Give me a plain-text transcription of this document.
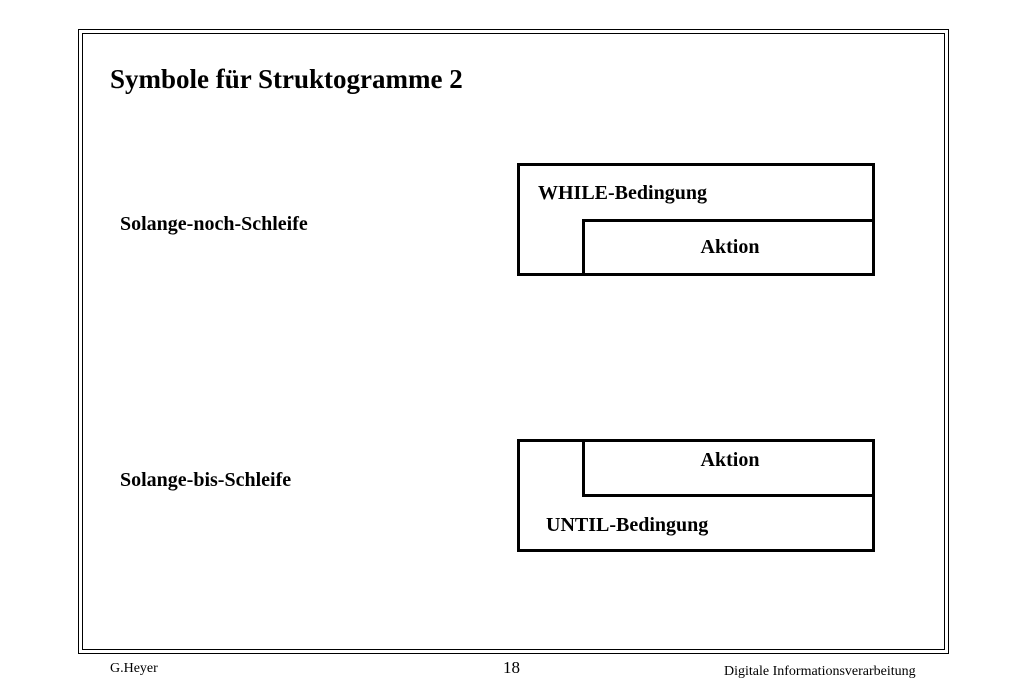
Symbole für Struktogramme 2
Solange-noch-Schleife
WHILE-Bedingung
Aktion
Solange-bis-Schleife
Aktion
UNTIL-Bedingung
G.Heyer	18	Digitale Informationsverarbeitung
